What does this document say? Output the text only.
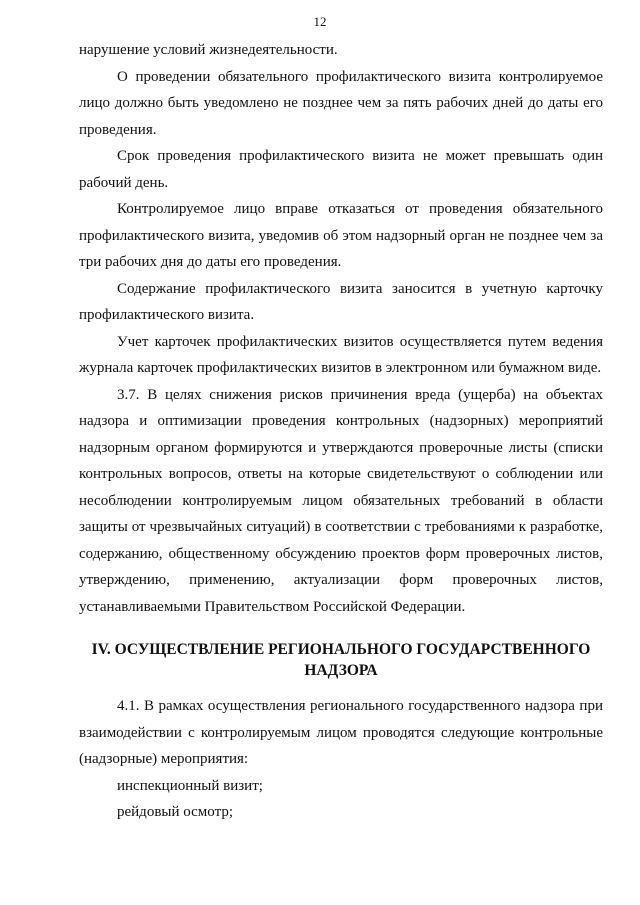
12

нарушение условий жизнедеятельности.

О проведении обязательного профилактического визита контролируемое лицо должно быть уведомлено не позднее чем за пять рабочих дней до даты его проведения.

Срок проведения профилактического визита не может превышать один рабочий день.

Контролируемое лицо вправе отказаться от проведения обязательного профилактического визита, уведомив об этом надзорный орган не позднее чем за три рабочих дня до даты его проведения.

Содержание профилактического визита заносится в учетную карточку профилактического визита.

Учет карточек профилактических визитов осуществляется путем ведения журнала карточек профилактических визитов в электронном или бумажном виде.

3.7. В целях снижения рисков причинения вреда (ущерба) на объектах надзора и оптимизации проведения контрольных (надзорных) мероприятий надзорным органом формируются и утверждаются проверочные листы (списки контрольных вопросов, ответы на которые свидетельствуют о соблюдении или несоблюдении контролируемым лицом обязательных требований в области защиты от чрезвычайных ситуаций) в соответствии с требованиями к разработке, содержанию, общественному обсуждению проектов форм проверочных листов, утверждению, применению, актуализации форм проверочных листов, устанавливаемыми Правительством Российской Федерации.

IV. ОСУЩЕСТВЛЕНИЕ РЕГИОНАЛЬНОГО ГОСУДАРСТВЕННОГО
НАДЗОРА

4.1. В рамках осуществления регионального государственного надзора при взаимодействии с контролируемым лицом проводятся следующие контрольные (надзорные) мероприятия:

инспекционный визит;

рейдовый осмотр;
